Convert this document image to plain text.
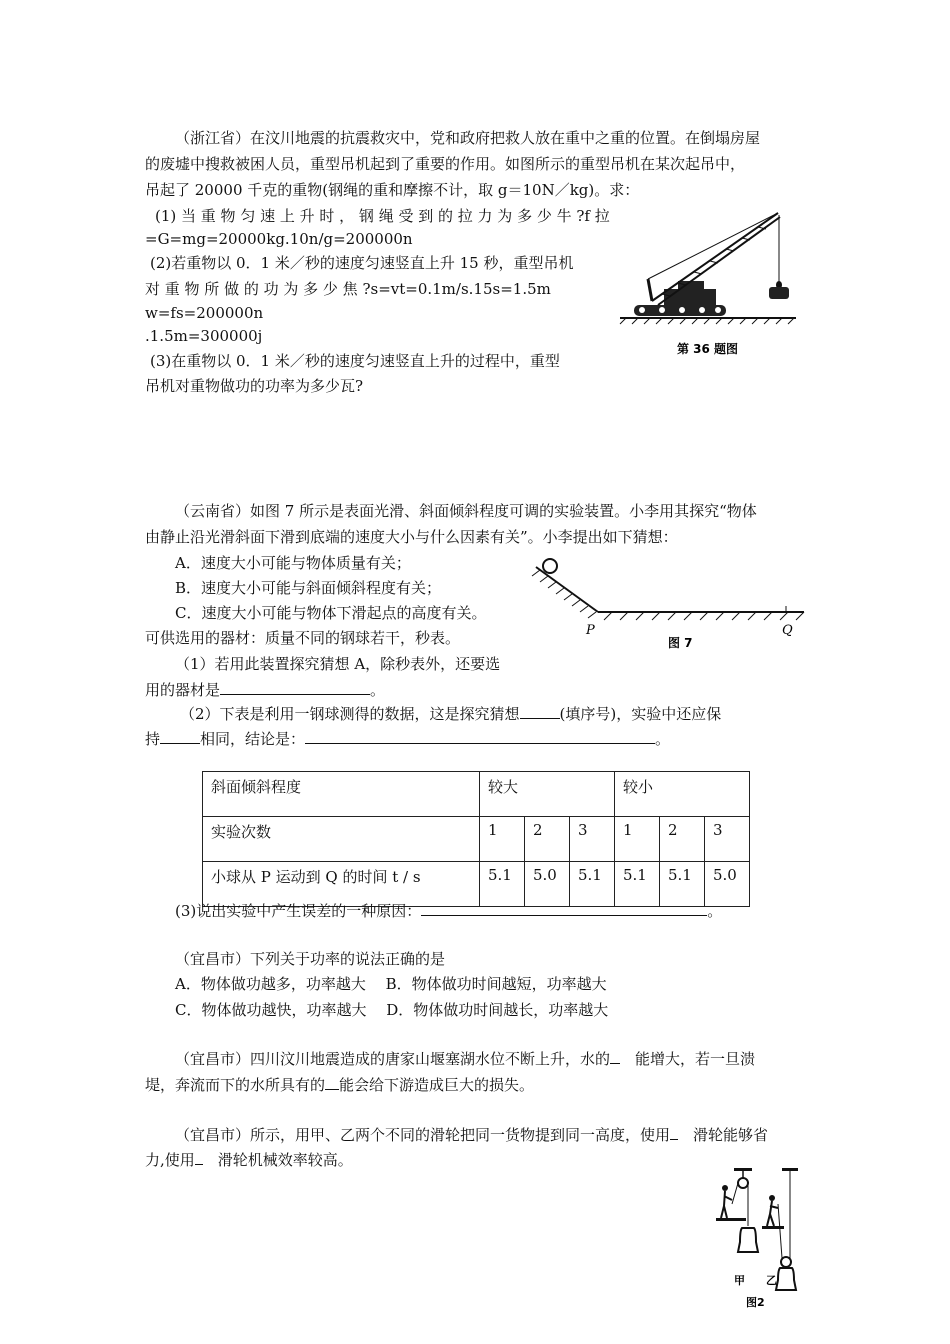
（浙江省）在汶川地震的抗震救灾中，党和政府把救人放在重中之重的位置。在倒塌房屋
的废墟中搜救被困人员，重型吊机起到了重要的作用。如图所示的重型吊机在某次起吊中，
吊起了 20000 千克的重物(钢绳的重和摩擦不计，取 g＝10N／kg)。求：
(1) 当 重 物 匀 速 上 升 时 ， 钢 绳 受 到 的 拉 力 为 多 少 牛 ?f 拉
=G=mg=20000kg.10n/g=200000n
(2)若重物以 0．1 米／秒的速度匀速竖直上升 15 秒，重型吊机
对 重 物 所 做 的 功 为 多 少 焦 ?s=vt=0.1m/s.15s=1.5m
w=fs=200000n
.1.5m=300000j
(3)在重物以 0．1 米／秒的速度匀速竖直上升的过程中，重型
吊机对重物做功的功率为多少瓦?
第 36 题图
（云南省）如图 7 所示是表面光滑、斜面倾斜程度可调的实验装置。小李用其探究“物体
由静止沿光滑斜面下滑到底端的速度大小与什么因素有关”。小李提出如下猜想：
A．速度大小可能与物体质量有关；
B．速度大小可能与斜面倾斜程度有关；
C．速度大小可能与物体下滑起点的高度有关。
可供选用的器材：质量不同的钢球若干，秒表。
（1）若用此装置探究猜想 A，除秒表外，还要选
用的器材是	。
（2）下表是利用一钢球测得的数据，这是探究猜想	(填序号)，实验中还应保
持	相同，结论是：	。
P	Q
图 7
斜面倾斜程度	较大			较小		
实验次数	1	2	3	1	2	3
小球从 P 运动到 Q 的时间 t / s	5.1	5.0	5.1	5.1	5.1	5.0
(3)说出实验中产生误差的一种原因：	。
（宜昌市）下列关于功率的说法正确的是
A．物体做功越多，功率越大　 B．物体做功时间越短，功率越大
C．物体做功越快，功率越大　 D．物体做功时间越长，功率越大
（宜昌市）四川汶川地震造成的唐家山堰塞湖水位不断上升，水的　能增大，若一旦溃
堤，奔流而下的水所具有的 能会给下游造成巨大的损失。
（宜昌市）所示，用甲、乙两个不同的滑轮把同一货物提到同一高度，使用　滑轮能够省
力,使用　滑轮机械效率较高。
甲 乙
图2
